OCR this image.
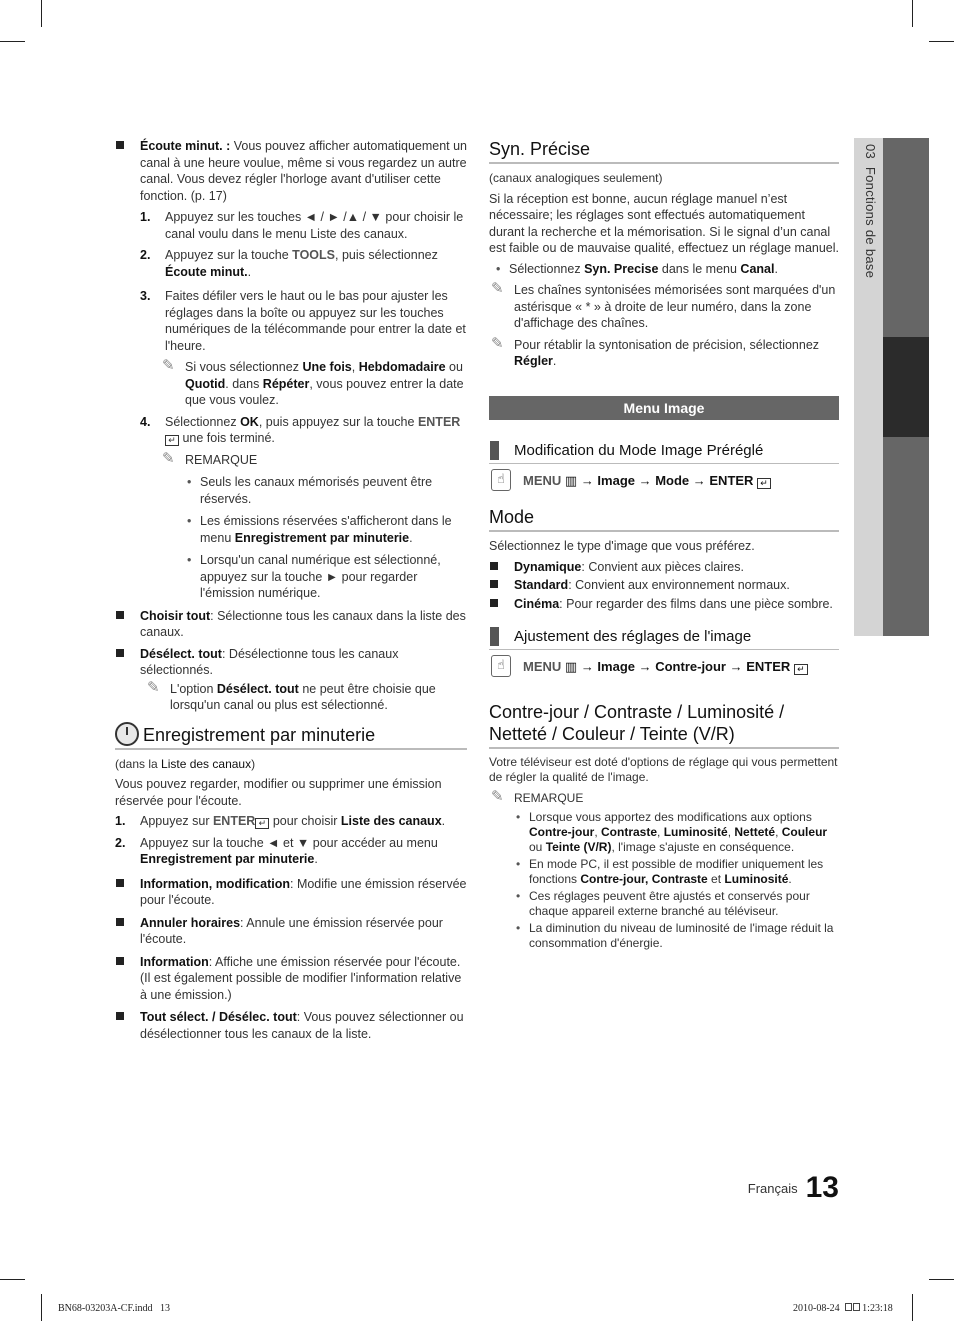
03  Fonctions de base
Écoute minut. : Vous pouvez afficher automatiquement un canal à une heure voulue, même si vous regardez un autre canal. Vous devez régler l'horloge avant d'utiliser cette fonction. (p. 17)
1. Appuyez sur les touches ◄ / ► /▲ / ▼ pour choisir le canal voulu dans le menu Liste des canaux.
2. Appuyez sur la touche TOOLS, puis sélectionnez Écoute minut..
3. Faites défiler vers le haut ou le bas pour ajuster les réglages dans la boîte ou appuyez sur les touches numériques de la télécommande pour entrer la date et l'heure.
✎ Si vous sélectionnez Une fois, Hebdomadaire ou Quotid. dans Répéter, vous pouvez entrer la date que vous voulez.
4. Sélectionnez OK, puis appuyez sur la touche ENTER ↵ une fois terminé.
✎ REMARQUE
• Seuls les canaux mémorisés peuvent être réservés.
• Les émissions réservées s'afficheront dans le menu Enregistrement par minuterie.
• Lorsqu'un canal numérique est sélectionné, appuyez sur la touche ► pour regarder l'émission numérique.
Choisir tout: Sélectionne tous les canaux dans la liste des canaux.
Désélect. tout: Désélectionne tous les canaux sélectionnés.
✎ L'option Désélect. tout ne peut être choisie que lorsqu'un canal ou plus est sélectionné.
Enregistrement par minuterie

(dans la Liste des canaux)

Vous pouvez regarder, modifier ou supprimer une émission réservée pour l'écoute.

1. Appuyez sur ENTER ↵ pour choisir Liste des canaux.
2. Appuyez sur la touche ◄ et ▼ pour accéder au menu Enregistrement par minuterie.
Information, modification: Modifie une émission réservée pour l'écoute.
Annuler horaires: Annule une émission réservée pour l'écoute.
Information: Affiche une émission réservée pour l'écoute. (Il est également possible de modifier l'information relative à une émission.)
Tout sélect. / Désélec. tout: Vous pouvez sélectionner ou désélectionner tous les canaux de la liste.
Syn. Précise

(canaux analogiques seulement)

Si la réception est bonne, aucun réglage manuel n’est nécessaire; les réglages sont effectués automatiquement durant la recherche et la mémorisation. Si le signal d’un canal est faible ou de mauvaise qualité, effectuez un réglage manuel.

• Sélectionnez Syn. Precise dans le menu Canal.
✎ Les chaînes syntonisées mémorisées sont marquées d'un astérisque « * » à droite de leur numéro, dans la zone d'affichage des chaînes.
✎ Pour rétablir la syntonisation de précision, sélectionnez Régler.
Menu Image
Modification du Mode Image Préréglé
☝	MENU ▥ → Image → Mode → ENTER ↵
Mode

Sélectionnez le type d'image que vous préférez.

Dynamique: Convient aux pièces claires.
Standard: Convient aux environnement normaux.
Cinéma: Pour regarder des films dans une pièce sombre.
Ajustement des réglages de l'image
☝	MENU ▥ → Image → Contre-jour → ENTER ↵
Contre-jour / Contraste / Luminosité / Netteté / Couleur / Teinte (V/R)

Votre téléviseur est doté d'options de réglage qui vous permettent de régler la qualité de l'image.

✎ REMARQUE
• Lorsque vous apportez des modifications aux options Contre-jour, Contraste, Luminosité, Netteté, Couleur ou Teinte (V/R), l'image s'ajuste en conséquence.
• En mode PC, il est possible de modifier uniquement les fonctions Contre-jour, Contraste et Luminosité.
• Ces réglages peuvent être ajustés et conservés pour chaque appareil externe branché au téléviseur.
• La diminution du niveau de luminosité de l'image réduit la consommation d'énergie.
Français 13
BN68-03203A-CF.indd   13	2010-08-24 1:23:18
